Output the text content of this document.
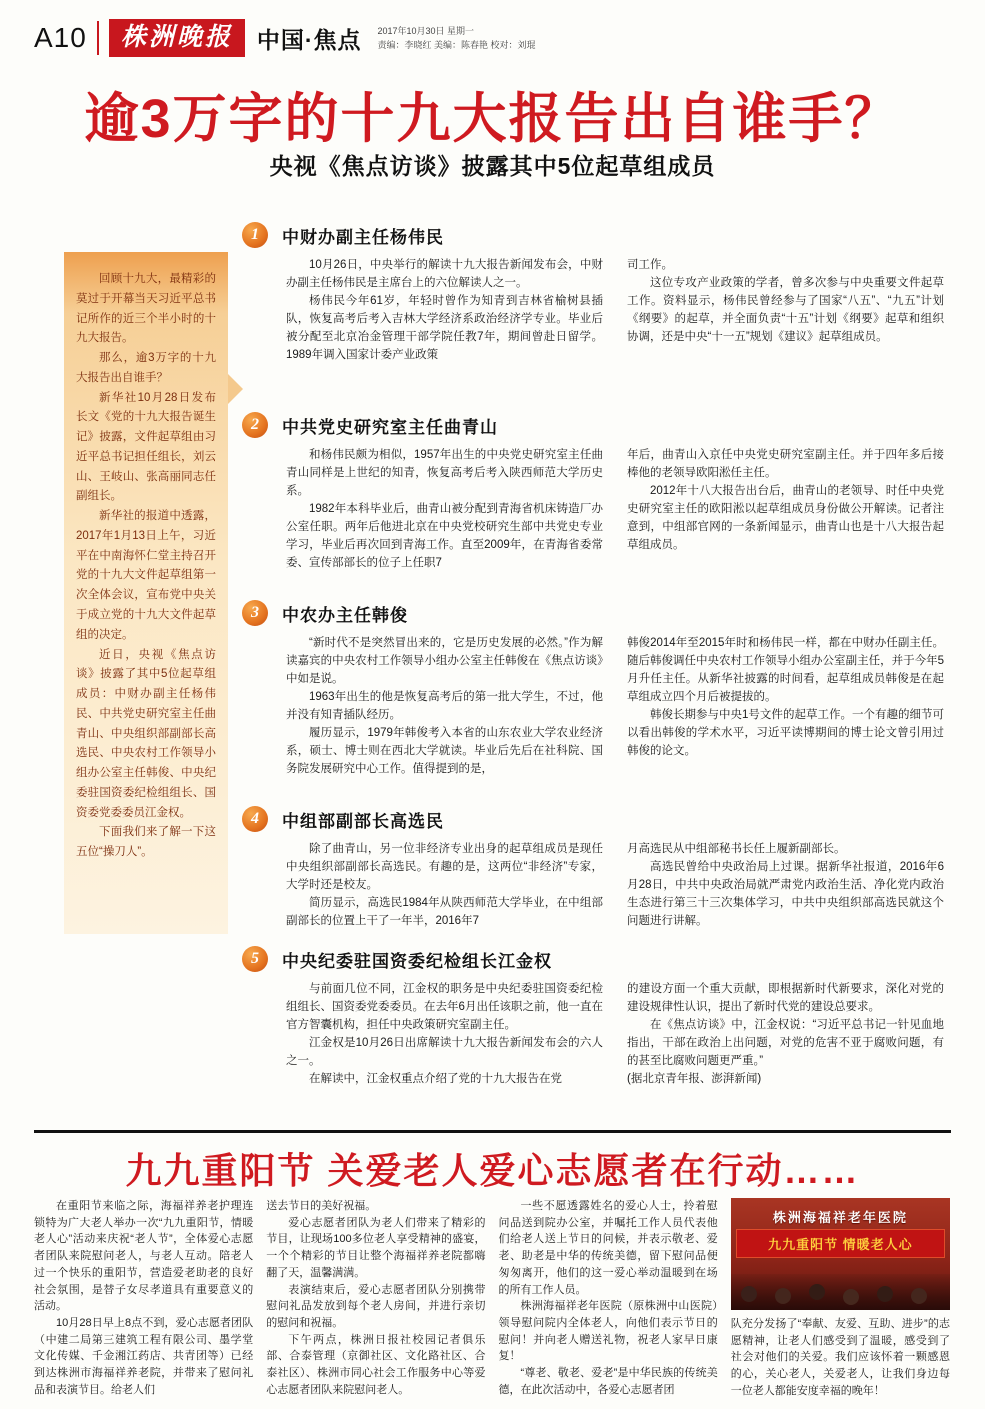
A10	株洲晚报	中国·焦点 2017年10月30日 星期一
责编：李晓红 美编：陈春艳 校对：刘琨
逾3万字的十九大报告出自谁手？
央视《焦点访谈》披露其中5位起草组成员

回顾十九大，最精彩的莫过于开幕当天习近平总书记所作的近三个半小时的十九大报告。

那么，逾3万字的十九大报告出自谁手？

新华社10月28日发布长文《党的十九大报告诞生记》披露，文件起草组由习近平总书记担任组长，刘云山、王岐山、张高丽同志任副组长。

新华社的报道中透露，2017年1月13日上午，习近平在中南海怀仁堂主持召开党的十九大文件起草组第一次全体会议，宣布党中央关于成立党的十九大文件起草组的决定。

近日，央视《焦点访谈》披露了其中5位起草组成员：中财办副主任杨伟民、中共党史研究室主任曲青山、中央组织部副部长高选民、中央农村工作领导小组办公室主任韩俊、中央纪委驻国资委纪检组组长、国资委党委委员江金权。

下面我们来了解一下这五位“操刀人”。

1	中财办副主任杨伟民

10月26日，中央举行的解读十九大报告新闻发布会，中财办副主任杨伟民是主席台上的六位解读人之一。

杨伟民今年61岁，年轻时曾作为知青到吉林省榆树县插队，恢复高考后考入吉林大学经济系政治经济学专业。毕业后被分配至北京冶金管理干部学院任教7年，期间曾赴日留学。1989年调入国家计委产业政策

司工作。

这位专攻产业政策的学者，曾多次参与中央重要文件起草工作。资料显示，杨伟民曾经参与了国家“八五”、“九五”计划《纲要》的起草，并全面负责“十五”计划《纲要》起草和组织协调，还是中央“十一五”规划《建议》起草组成员。

2	中共党史研究室主任曲青山

和杨伟民颇为相似，1957年出生的中央党史研究室主任曲青山同样是上世纪的知青，恢复高考后考入陕西师范大学历史系。

1982年本科毕业后，曲青山被分配到青海省机床铸造厂办公室任职。两年后他进北京在中央党校研究生部中共党史专业学习，毕业后再次回到青海工作。直至2009年，在青海省委常委、宣传部部长的位子上任职7

年后，曲青山入京任中央党史研究室副主任。并于四年多后接棒他的老领导欧阳淞任主任。

2012年十八大报告出台后，曲青山的老领导、时任中央党史研究室主任的欧阳淞以起草组成员身份做公开解读。记者注意到，中组部官网的一条新闻显示，曲青山也是十八大报告起草组成员。

3	中农办主任韩俊

“新时代不是突然冒出来的，它是历史发展的必然。”作为解读嘉宾的中央农村工作领导小组办公室主任韩俊在《焦点访谈》中如是说。

1963年出生的他是恢复高考后的第一批大学生，不过，他并没有知青插队经历。

履历显示，1979年韩俊考入本省的山东农业大学农业经济系，硕士、博士则在西北大学就读。毕业后先后在社科院、国务院发展研究中心工作。值得提到的是，

韩俊2014年至2015年时和杨伟民一样，都在中财办任副主任。随后韩俊调任中央农村工作领导小组办公室副主任，并于今年5月升任主任。从新华社披露的时间看，起草组成员韩俊是在起草组成立四个月后被提拔的。

韩俊长期参与中央1号文件的起草工作。一个有趣的细节可以看出韩俊的学术水平，习近平读博期间的博士论文曾引用过韩俊的论文。

4	中组部副部长高选民

除了曲青山，另一位非经济专业出身的起草组成员是现任中央组织部副部长高选民。有趣的是，这两位“非经济”专家，大学时还是校友。

简历显示，高选民1984年从陕西师范大学毕业，在中组部副部长的位置上干了一年半，2016年7

月高选民从中组部秘书长任上履新副部长。

高选民曾给中央政治局上过课。据新华社报道，2016年6月28日，中共中央政治局就严肃党内政治生活、净化党内政治生态进行第三十三次集体学习，中共中央组织部高选民就这个问题进行讲解。

5	中央纪委驻国资委纪检组长江金权

与前面几位不同，江金权的职务是中央纪委驻国资委纪检组组长、国资委党委委员。在去年6月出任该职之前，他一直在官方智囊机构，担任中央政策研究室副主任。

江金权是10月26日出席解读十九大报告新闻发布会的六人之一。

在解读中，江金权重点介绍了党的十九大报告在党

的建设方面一个重大贡献，即根据新时代新要求，深化对党的建设规律性认识，提出了新时代党的建设总要求。

在《焦点访谈》中，江金权说：“习近平总书记一针见血地指出，干部在政治上出问题，对党的危害不亚于腐败问题，有的甚至比腐败问题更严重。”

(据北京青年报、澎湃新闻)

九九重阳节 关爱老人爱心志愿者在行动……

在重阳节来临之际，海福祥养老护理连锁特为广大老人举办一次“九九重阳节，情暖老人心”活动来庆祝“老人节”，全体爱心志愿者团队来院慰问老人，与老人互动。陪老人过一个快乐的重阳节，营造爱老助老的良好社会氛围，是替子女尽孝道具有重要意义的活动。

10月28日早上8点不到，爱心志愿者团队（中建二局第三建筑工程有限公司、墨学堂文化传媒、千金湘江药店、共青团等）已经到达株洲市海福祥养老院，并带来了慰问礼品和表演节目。给老人们

送去节日的美好祝福。

爱心志愿者团队为老人们带来了精彩的节目，让现场100多位老人享受精神的盛宴，一个个精彩的节目让整个海福祥养老院都嗨翻了天，温馨满满。

表演结束后，爱心志愿者团队分别携带慰问礼品发放到每个老人房间，并进行亲切的慰问和祝福。

下午两点，株洲日报社校园记者俱乐部、合泰管理（京御社区、文化路社区、合泰社区）、株洲市同心社会工作服务中心等爱心志愿者团队来院慰问老人。

一些不愿透露姓名的爱心人士，拎着慰问品送到院办公室，并嘱托工作人员代表他们给老人送上节日的问候，并表示敬老、爱老、助老是中华的传统美德，留下慰问品便匆匆离开，他们的这一爱心举动温暖到在场的所有工作人员。

株洲海福祥老年医院（原株洲中山医院）领导慰问院内全体老人，向他们表示节日的慰问！并向老人赠送礼物，祝老人家早日康复！

“尊老、敬老、爱老”是中华民族的传统美德，在此次活动中，各爱心志愿者团

株洲海福祥老年医院
九九重阳节 情暖老人心

队充分发扬了“奉献、友爱、互助、进步”的志愿精神，让老人们感受到了温暖，感受到了社会对他们的关爱。我们应该怀着一颗感恩的心，关心老人，关爱老人，让我们身边每一位老人都能安度幸福的晚年！
